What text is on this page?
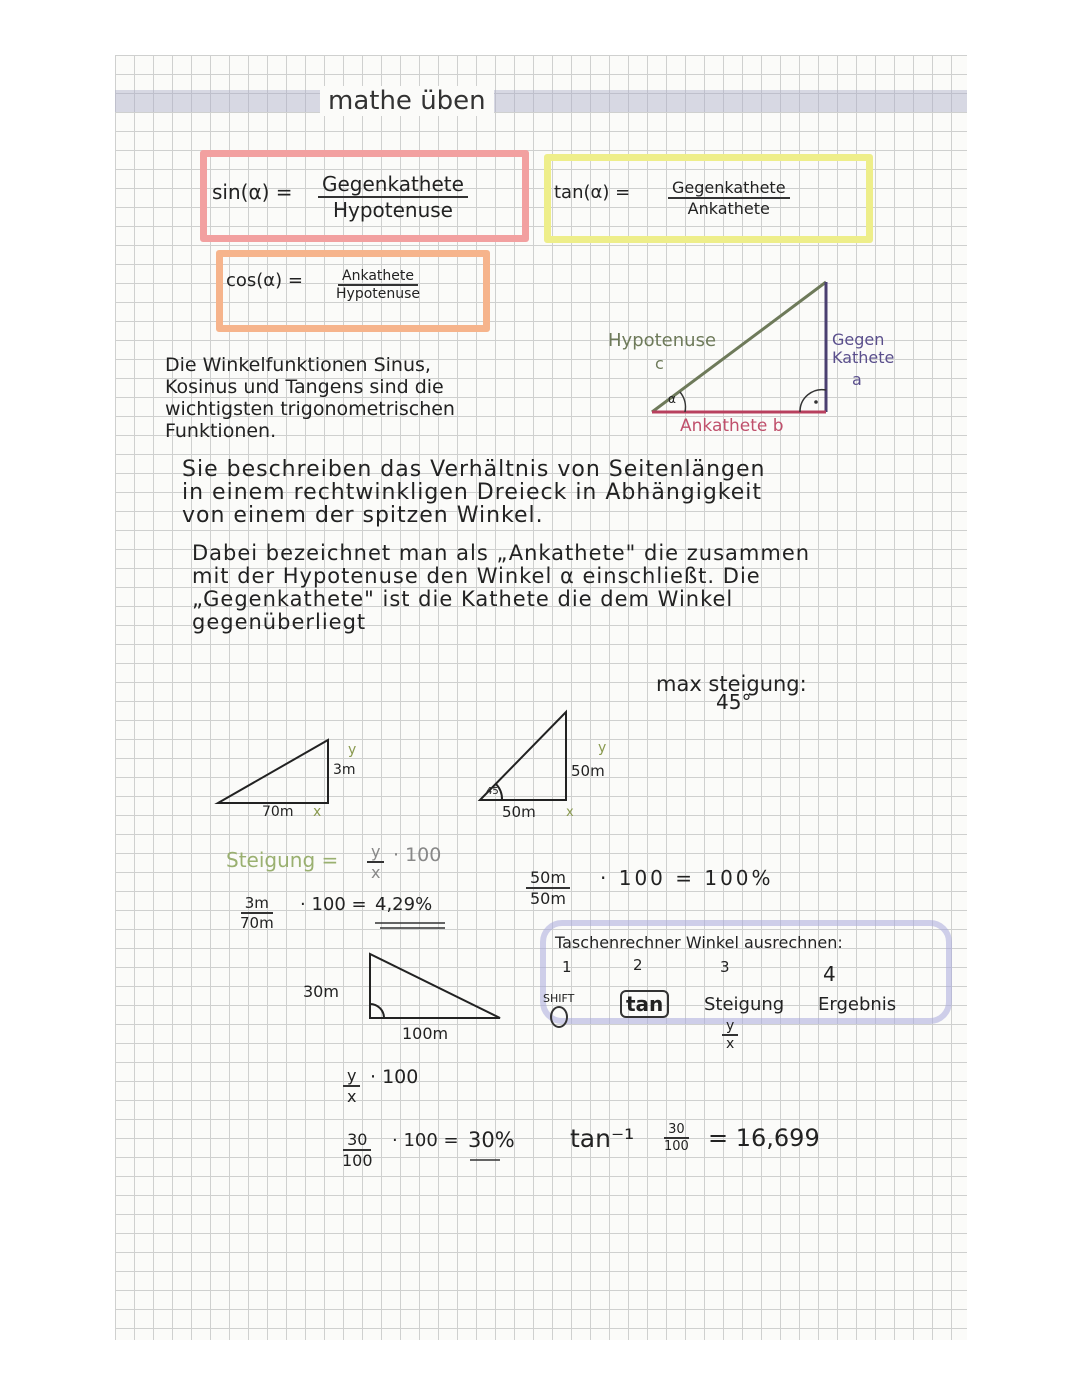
mathe üben
sin(α) = Gegenkathete
Hypotenuse
tan(α) =	Gegenkathete
Ankathete
cos(α) =	Ankathete
Hypotenuse
Hypotenuse
c
Gegen
Kathete
a
Ankathete b
α
Die Winkelfunktionen Sinus,
Kosinus und Tangens sind die
wichtigsten trigonometrischen
Funktionen.
Sie beschreiben das Verhältnis von Seitenlängen
in einem rechtwinkligen Dreieck in Abhängigkeit
von einem der spitzen Winkel.
Dabei bezeichnet man als „Ankathete" die zusammen
mit der Hypotenuse den Winkel α einschließt. Die
„Gegenkathete" ist die Kathete die dem Winkel
gegenüberliegt
max steigung:
45°
3m
y
70m x
50m
y
50m x
45
Steigung = $\frac{y}{x} \cdot 100$
$\frac{3m}{70m} \cdot 100 = 4,29\%$	$\frac{50m}{50m} \cdot 100 = 100\%$
30m
100m
$\frac{y}{x} \cdot 100$
$\frac{30}{100} \cdot 100 = 30\%$ $\tan^{-1} \frac{30}{100} = 16,699$
Taschenrechner Winkel ausrechnen:
1	2	3	4
SHIFT	tan	Steigung
$\frac{y}{x}$
Ergebnis
